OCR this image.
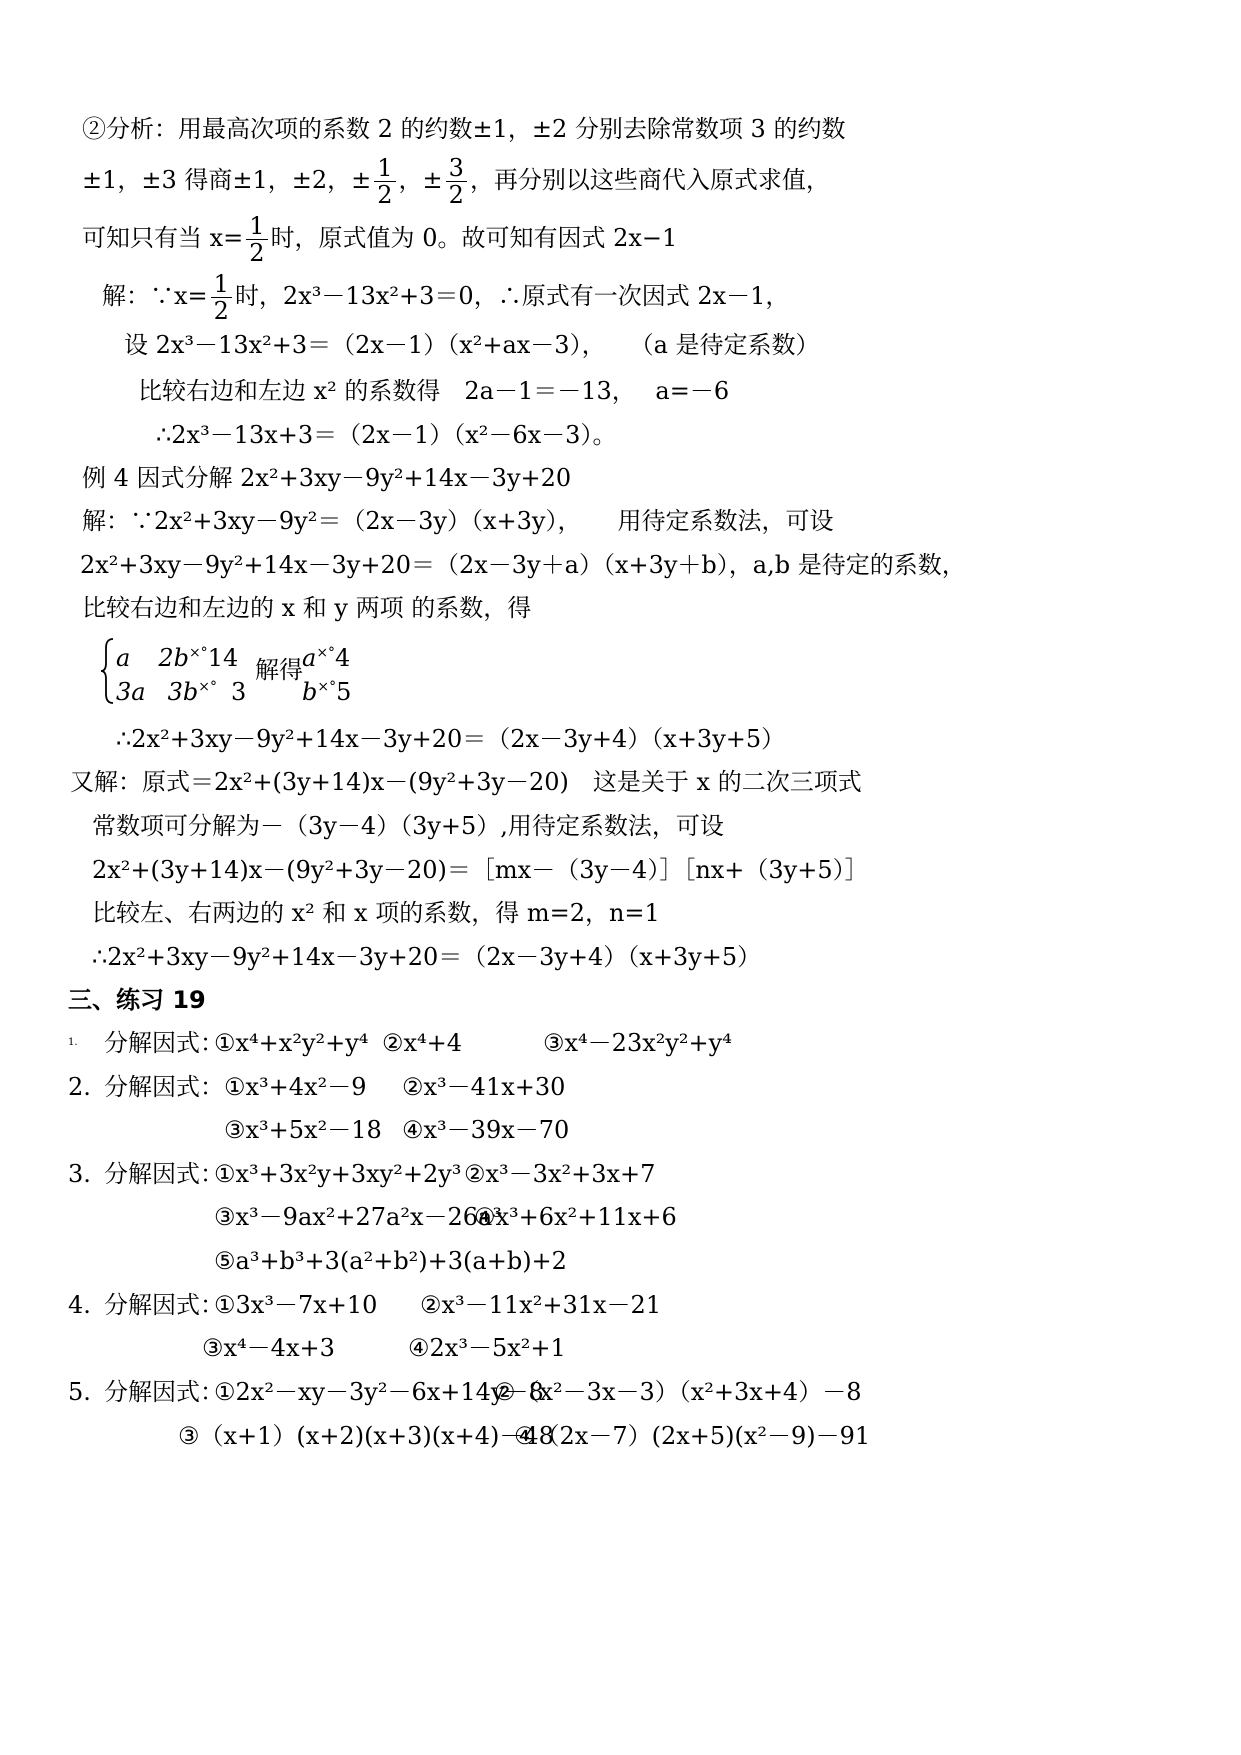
②分析：用最高次项的系数 2 的约数±1，±2 分别去除常数项 3 的约数
±1，±3 得商±1，±2，± $\frac{1}{2}$ ，± $\frac{3}{2}$ ，再分别以这些商代入原式求值，
可知只有当 $x= \frac{1}{2}$ 时，原式值为 0。故可知有因式 2x−1
解：∵x= $\frac{1}{2}$ 时，2x³－13x²+3＝0，∴原式有一次因式 2x－1，
设 2x³－13x²+3＝（2x－1）（x²+ax－3），　　（a 是待定系数）
比较右边和左边 x² 的系数得　2a－1＝－13，　 a=－6
∴2x³－13x+3＝（2x－1）（x²－6x－3）。
例 4 因式分解 2x²+3xy－9y²+14x－3y+20
解：∵2x²+3xy－9y²＝（2x－3y）（x+3y），　　用待定系数法，可设
2x²+3xy－9y²+14x－3y+20＝（2x－3y＋a）（x+3y＋b），a,b 是待定的系数，
比较右边和左边的 x 和 y 两项 的系数，得
a 2b×°14
3a 3b×° 3
解得 a×°4
b×°5
∴2x²+3xy－9y²+14x－3y+20＝（2x－3y+4）（x+3y+5）
又解：原式＝2x²+(3y+14)x－(9y²+3y－20)　这是关于 x 的二次三项式
常数项可分解为－（3y－4）（3y+5）,用待定系数法，可设
2x²+(3y+14)x－(9y²+3y－20)＝［mx－（3y－4）］［nx+（3y+5）］
比较左、右两边的 x² 和 x 项的系数，得 m=2，n=1
∴2x²+3xy－9y²+14x－3y+20＝（2x－3y+4）（x+3y+5）
三、练习 19
$^{1.}$ 分解因式：
①x⁴+x²y²+y⁴ ②x⁴+4	③x⁴－23x²y²+y⁴
2. 分解因式： ①x³+4x²－9 ②x³－41x+30
③x³+5x²－18 ④x³－39x－70
3. 分解因式：
①x³+3x²y+3xy²+2y³ ②x³－3x²+3x+7
③x³－9ax²+27a²x－26a³
④x³+6x²+11x+6
⑤a³+b³+3(a²+b²)+3(a+b)+2
4. 分解因式：
①3x³－7x+10 ②x³－11x²+31x－21
③x⁴－4x+3	④2x³－5x²+1
5. 分解因式：
①2x²－xy－3y²－6x+14y－8
②（x²－3x－3）（x²+3x+4）－8
③（x+1）(x+2)(x+3)(x+4)－48
④（2x－7）(2x+5)(x²－9)－91
